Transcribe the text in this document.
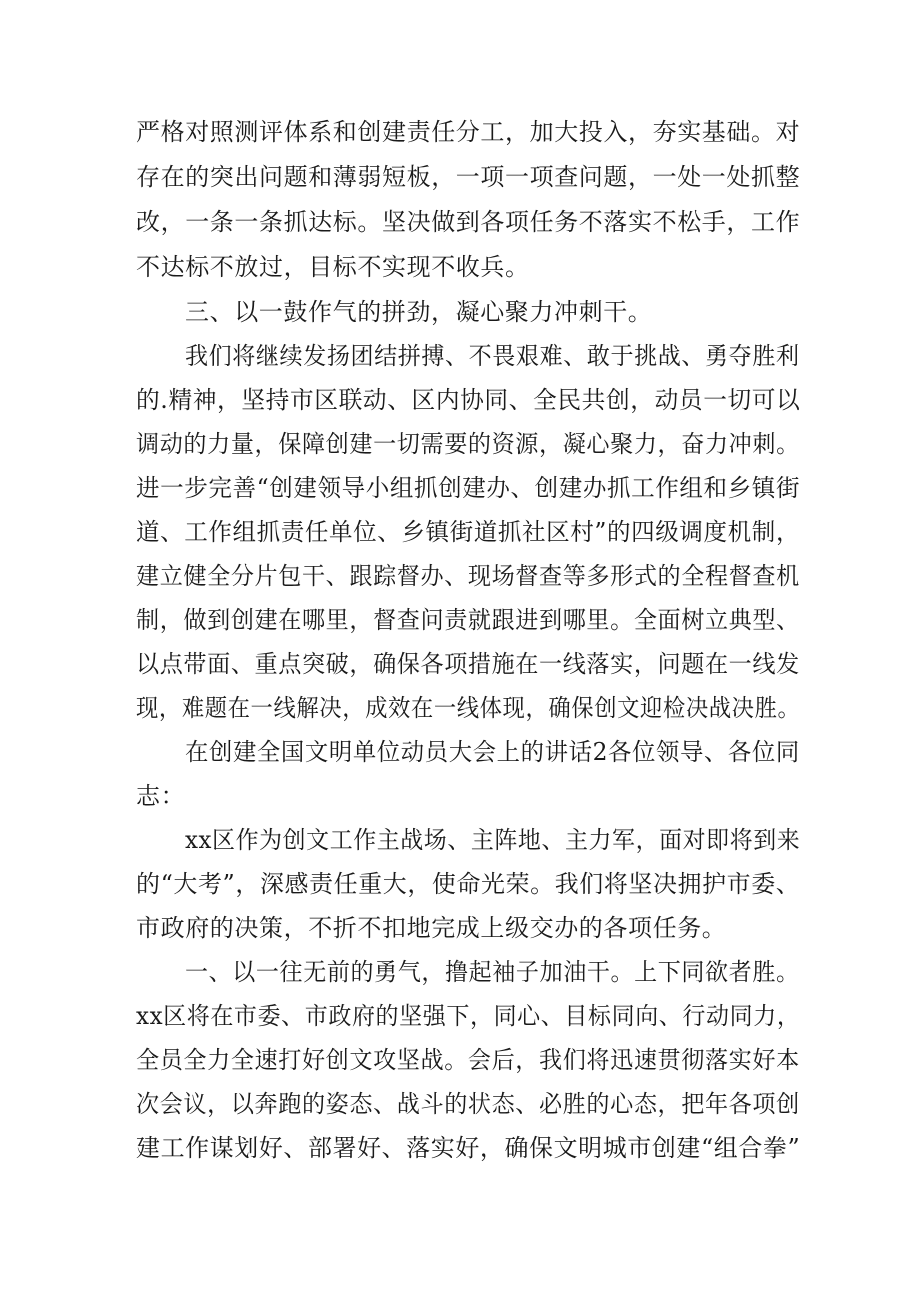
严格对照测评体系和创建责任分工，加大投入，夯实基础。对
存在的突出问题和薄弱短板，一项一项查问题，一处一处抓整
改，一条一条抓达标。坚决做到各项任务不落实不松手，工作
不达标不放过，目标不实现不收兵。
三、以一鼓作气的拼劲，凝心聚力冲刺干。
我们将继续发扬团结拼搏、不畏艰难、敢于挑战、勇夺胜利
的.精神，坚持市区联动、区内协同、全民共创，动员一切可以
调动的力量，保障创建一切需要的资源，凝心聚力，奋力冲刺。
进一步完善“创建领导小组抓创建办、创建办抓工作组和乡镇街
道、工作组抓责任单位、乡镇街道抓社区村”的四级调度机制，
建立健全分片包干、跟踪督办、现场督查等多形式的全程督查机
制，做到创建在哪里，督查问责就跟进到哪里。全面树立典型、
以点带面、重点突破，确保各项措施在一线落实，问题在一线发
现，难题在一线解决，成效在一线体现，确保创文迎检决战决胜。
在创建全国文明单位动员大会上的讲话2各位领导、各位同
志：
xx区作为创文工作主战场、主阵地、主力军，面对即将到来
的“大考”，深感责任重大，使命光荣。我们将坚决拥护市委、
市政府的决策，不折不扣地完成上级交办的各项任务。
一、以一往无前的勇气，撸起袖子加油干。上下同欲者胜。
xx区将在市委、市政府的坚强下，同心、目标同向、行动同力，
全员全力全速打好创文攻坚战。会后，我们将迅速贯彻落实好本
次会议，以奔跑的姿态、战斗的状态、必胜的心态，把年各项创
建工作谋划好、部署好、落实好，确保文明城市创建“组合拳”
